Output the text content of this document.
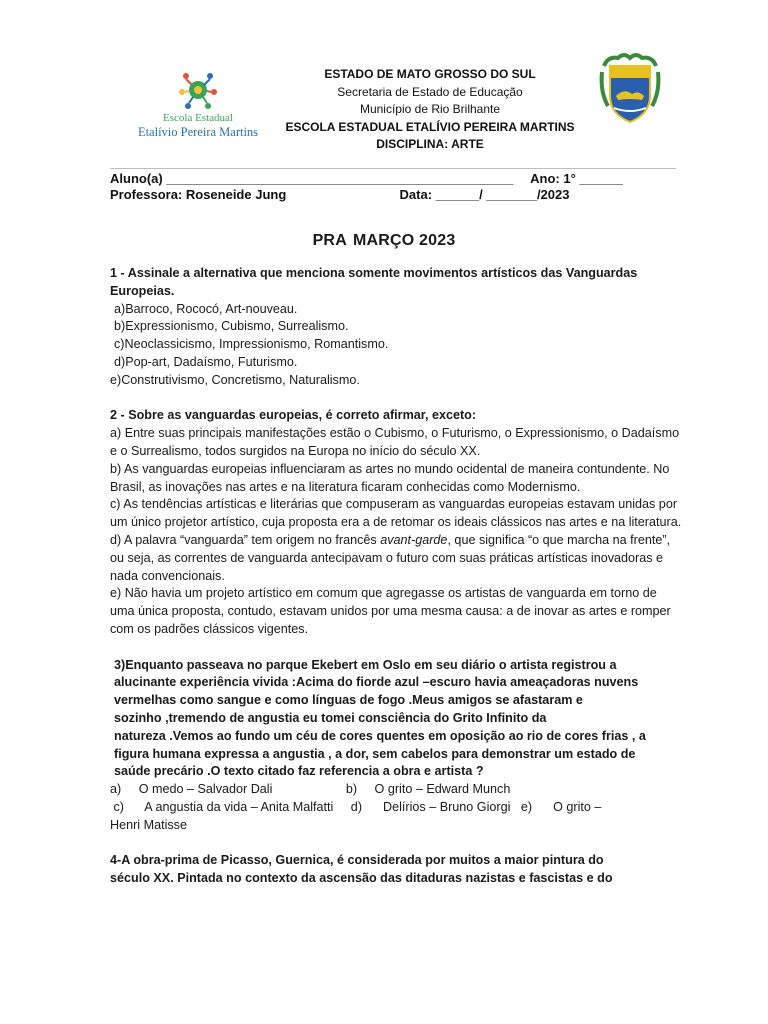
Escola Estadual
Etalívio Pereira Martins
ESTADO DE MATO GROSSO DO SUL
Secretaria de Estado de Educação
Município de Rio Brilhante
ESCOLA ESTADUAL ETALÍVIO PEREIRA MARTINS
DISCIPLINA: ARTE
Aluno(a) ________________________________________________ Ano: 1° ______
Professora: Roseneide Jung	Data: ______/ _______/2023
PRA MARÇO 2023

1 - Assinale a alternativa que menciona somente movimentos artísticos das Vanguardas Europeias.

a)Barroco, Rococó, Art-nouveau.

b)Expressionismo, Cubismo, Surrealismo.

c)Neoclassicismo, Impressionismo, Romantismo.

d)Pop-art, Dadaísmo, Futurismo.

e)Construtivismo, Concretismo, Naturalismo.

2 - Sobre as vanguardas europeias, é correto afirmar, exceto:

a) Entre suas principais manifestações estão o Cubismo, o Futurismo, o Expressionismo, o Dadaísmo e o Surrealismo, todos surgidos na Europa no início do século XX.

b) As vanguardas europeias influenciaram as artes no mundo ocidental de maneira contundente. No Brasil, as inovações nas artes e na literatura ficaram conhecidas como Modernismo.

c) As tendências artísticas e literárias que compuseram as vanguardas europeias estavam unidas por um único projetor artístico, cuja proposta era a de retomar os ideais clássicos nas artes e na literatura.

d) A palavra “vanguarda” tem origem no francês avant-garde, que significa “o que marcha na frente”, ou seja, as correntes de vanguarda antecipavam o futuro com suas práticas artísticas inovadoras e nada convencionais.

e) Não havia um projeto artístico em comum que agregasse os artistas de vanguarda em torno de uma única proposta, contudo, estavam unidos por uma mesma causa: a de inovar as artes e romper com os padrões clássicos vigentes.

3)Enquanto passeava no parque Ekebert em Oslo em seu diário o artista registrou a

alucinante experiência vivida :Acima do fiorde azul –escuro havia ameaçadoras nuvens

vermelhas como sangue e como línguas de fogo .Meus amigos se afastaram e

sozinho ,tremendo de angustia eu tomei consciência do Grito Infinito da

natureza .Vemos ao fundo um céu de cores quentes em oposição ao rio de cores frias , a

figura humana expressa a angustia , a dor, sem cabelos para demonstrar um estado de

saúde precário .O texto citado faz referencia a obra e artista ?

a)     O medo – Salvador Dali                     b)     O grito – Edward Munch

c)      A angustia da vida – Anita Malfatti     d)      Delírios – Bruno Giorgi   e)      O grito –

Henri Matisse

4-A obra-prima de Picasso, Guernica, é considerada por muitos a maior pintura do

século XX. Pintada no contexto da ascensão das ditaduras nazistas e fascistas e do
